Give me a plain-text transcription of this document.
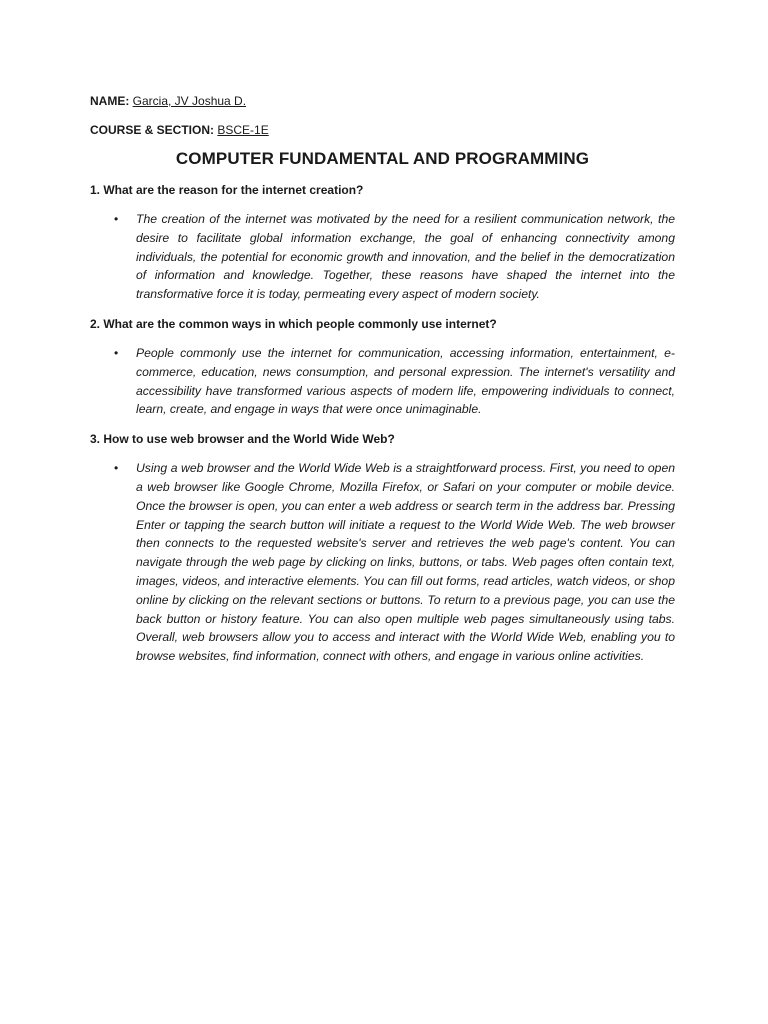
NAME: Garcia, JV Joshua D.

COURSE & SECTION: BSCE-1E

COMPUTER FUNDAMENTAL AND PROGRAMMING

1. What are the reason for the internet creation?

• The creation of the internet was motivated by the need for a resilient communication network, the desire to facilitate global information exchange, the goal of enhancing connectivity among individuals, the potential for economic growth and innovation, and the belief in the democratization of information and knowledge. Together, these reasons have shaped the internet into the transformative force it is today, permeating every aspect of modern society.

2. What are the common ways in which people commonly use internet?

• People commonly use the internet for communication, accessing information, entertainment, e-commerce, education, news consumption, and personal expression. The internet's versatility and accessibility have transformed various aspects of modern life, empowering individuals to connect, learn, create, and engage in ways that were once unimaginable.

3. How to use web browser and the World Wide Web?

• Using a web browser and the World Wide Web is a straightforward process. First, you need to open a web browser like Google Chrome, Mozilla Firefox, or Safari on your computer or mobile device. Once the browser is open, you can enter a web address or search term in the address bar. Pressing Enter or tapping the search button will initiate a request to the World Wide Web. The web browser then connects to the requested website's server and retrieves the web page's content. You can navigate through the web page by clicking on links, buttons, or tabs. Web pages often contain text, images, videos, and interactive elements. You can fill out forms, read articles, watch videos, or shop online by clicking on the relevant sections or buttons. To return to a previous page, you can use the back button or history feature. You can also open multiple web pages simultaneously using tabs. Overall, web browsers allow you to access and interact with the World Wide Web, enabling you to browse websites, find information, connect with others, and engage in various online activities.
